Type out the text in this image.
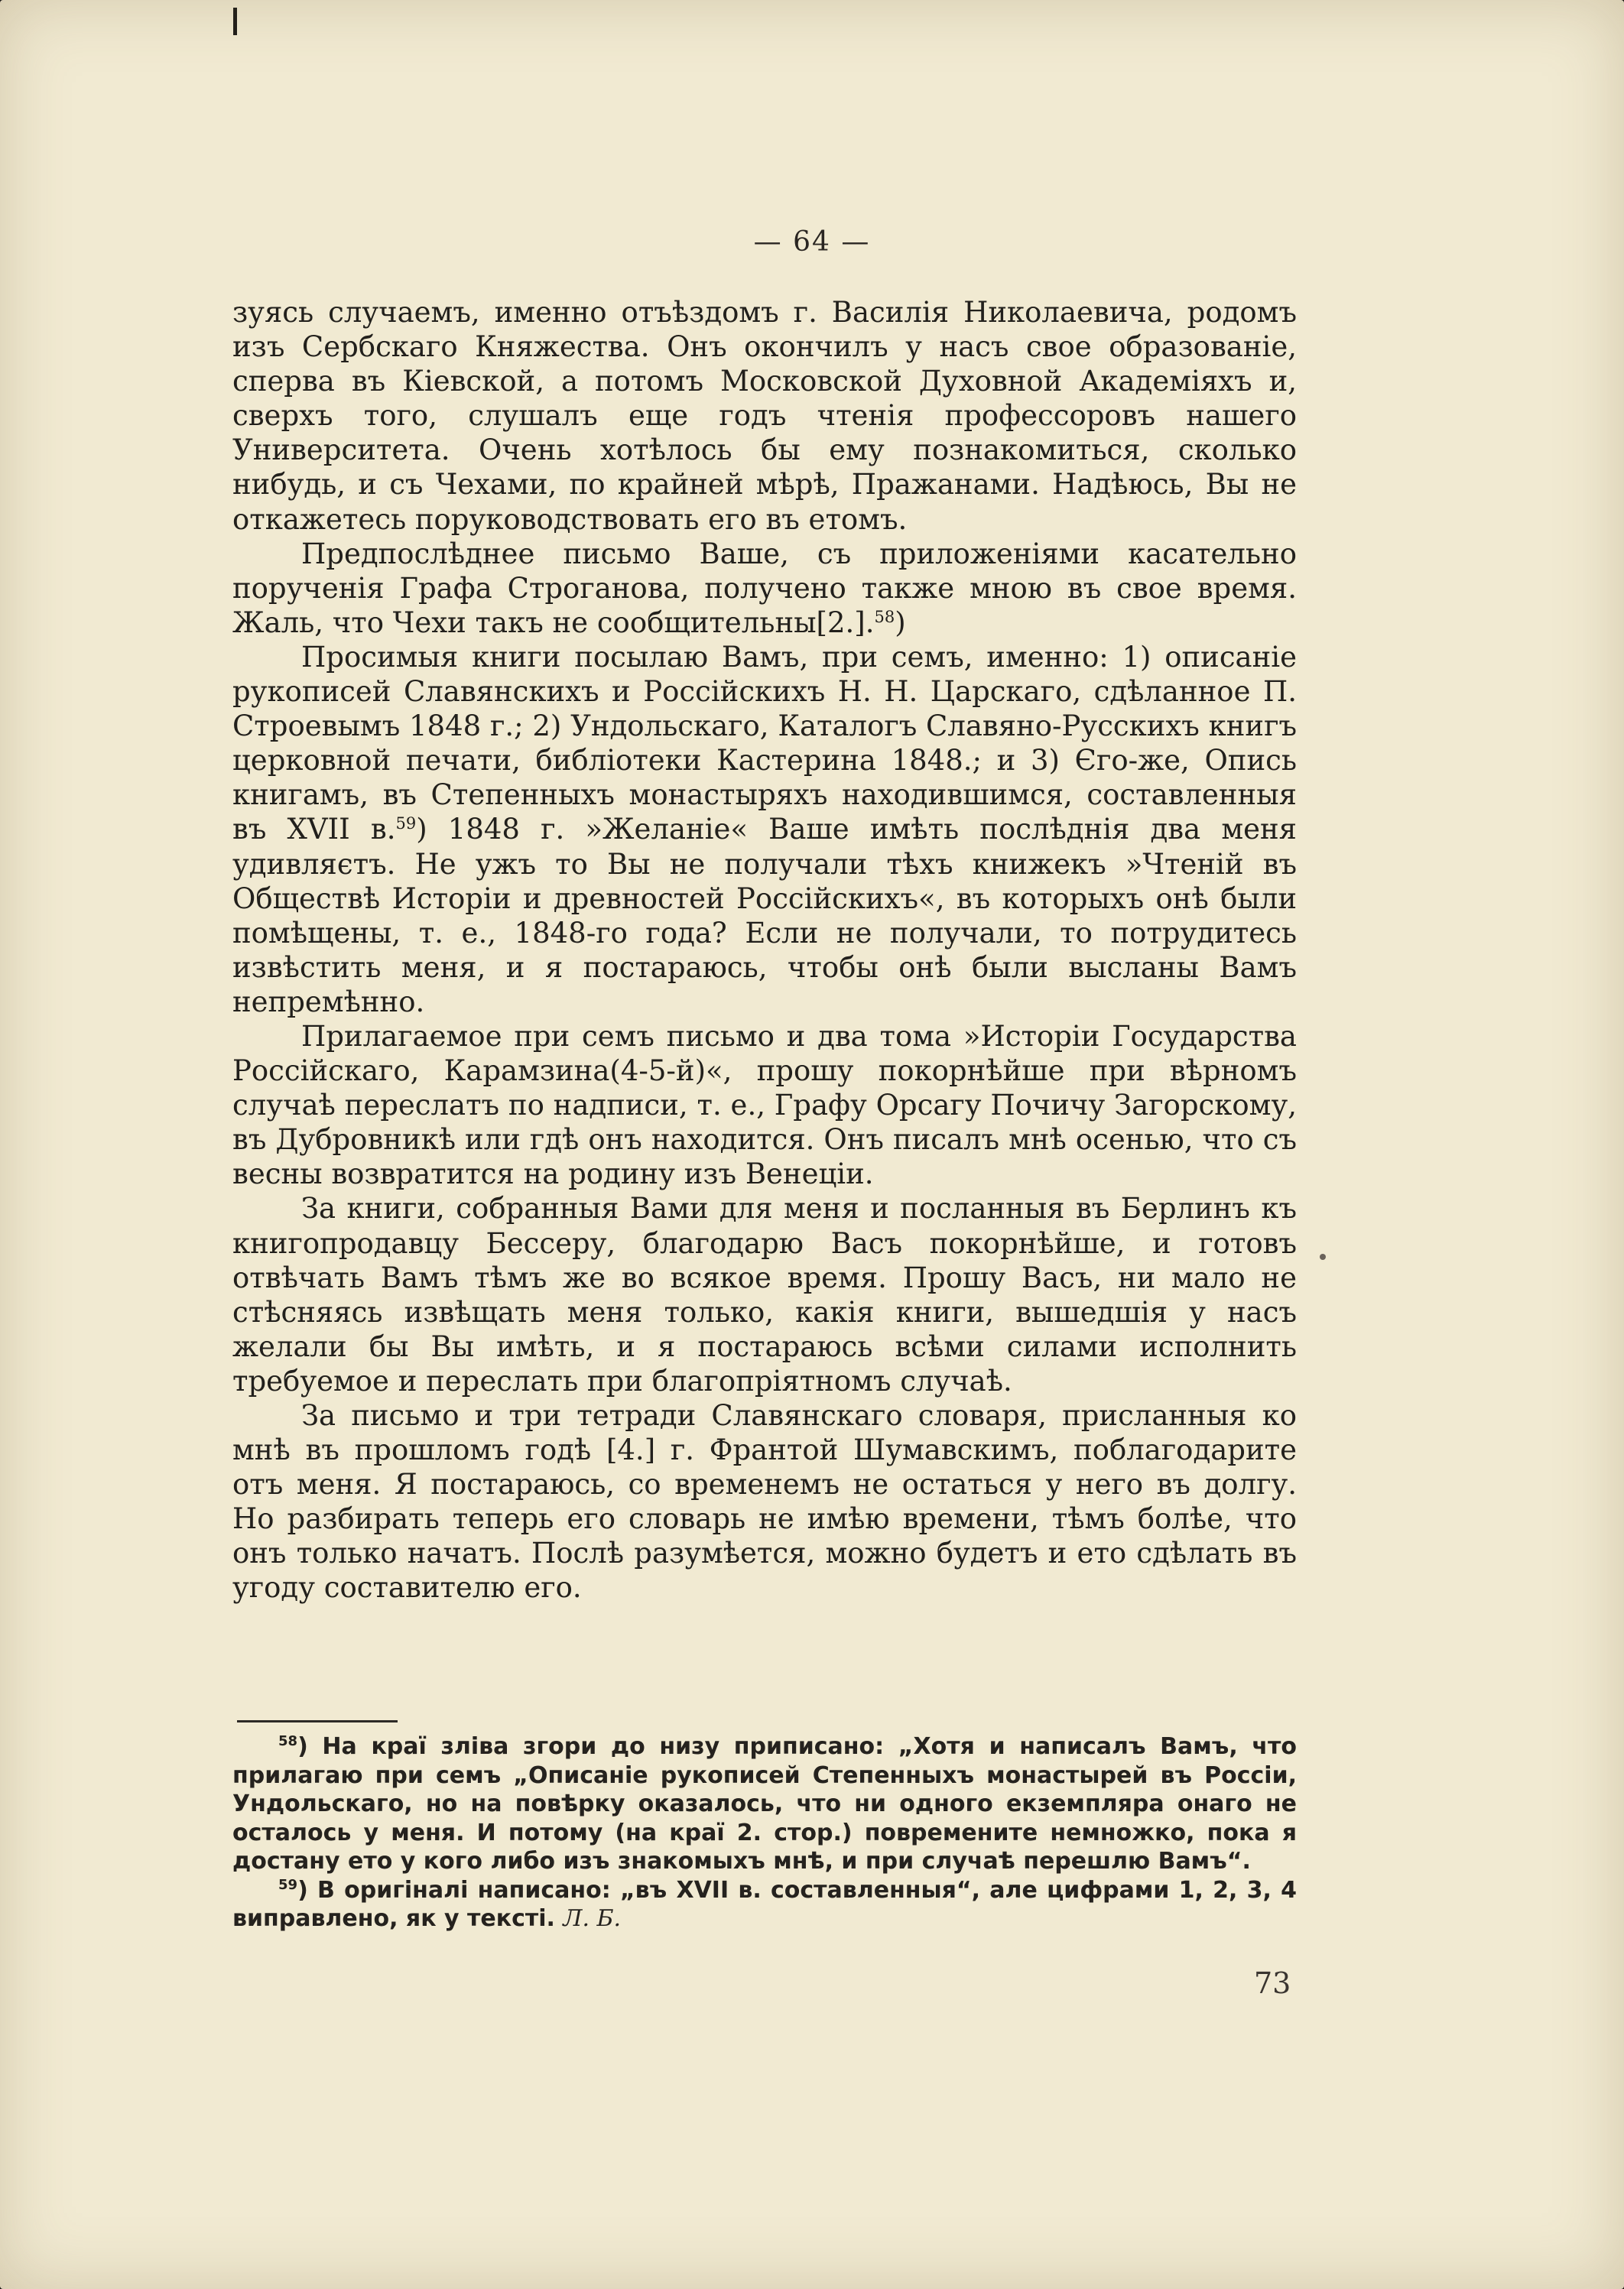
— 64 —

зуясь случаемъ, именно отъѣздомъ г. Василія Николаевича, родомъ изъ Сербскаго Княжества. Онъ окончилъ у насъ свое образованіе, сперва въ Кіевской, а потомъ Московской Духовной Академіяхъ и, сверхъ того, слушалъ еще годъ чтенія профессоровъ нашего Университета. Очень хотѣлось бы ему познакомиться, сколько нибудь, и съ Чехами, по крайней мѣрѣ, Пражанами. Надѣюсь, Вы не откажетесь поруководствовать его въ етомъ.

Предпослѣднее письмо Ваше, съ приложеніями касательно порученія Графа Строганова, получено также мною въ свое время. Жаль, что Чехи такъ не сообщительны[2.].$^{58}$)

Просимыя книги посылаю Вамъ, при семъ, именно: 1) описаніе рукописей Славянскихъ и Россійскихъ Н. Н. Царскаго, сдѣланное П. Строевымъ 1848 г.; 2) Ундольскаго, Каталогъ Славяно-Русскихъ книгъ церковной печати, библіотеки Кастерина 1848.; и 3) Єго-же, Опись книгамъ, въ Степенныхъ монастыряхъ находившимся, составленныя въ XVII в.$^{59}$) 1848 г. »Желаніе« Ваше имѣть послѣднія два меня удивляєтъ. Не ужъ то Вы не получали тѣхъ книжекъ »Чтеній въ Обществѣ Исторіи и древностей Россійскихъ«, въ которыхъ онѣ были помѣщены, т. е., 1848-го года? Если не получали, то потрудитесь извѣстить меня, и я постараюсь, чтобы онѣ были высланы Вамъ непремѣнно.

Прилагаемое при семъ письмо и два тома »Исторіи Государства Россійскаго, Карамзина(4-5-й)«, прошу покорнѣйше при вѣрномъ случаѣ переслатъ по надписи, т. е., Графу Орсагу Почичу Загорскому, въ Дубровникѣ или гдѣ онъ находится. Онъ писалъ мнѣ осенью, что съ весны возвратится на родину изъ Венеціи.

За книги, собранныя Вами для меня и посланныя въ Берлинъ къ книгопродавцу Бессеру, благодарю Васъ покорнѣйше, и готовъ отвѣчать Вамъ тѣмъ же во всякое время. Прошу Васъ, ни мало не стѣсняясь извѣщать меня только, какія книги, вышедшія у насъ желали бы Вы имѣть, и я постараюсь всѣми силами исполнить требуемое и переслать при благопріятномъ случаѣ.

За письмо и три тетради Славянскаго словаря, присланныя ко мнѣ въ прошломъ годѣ [4.] г. Франтой Шумавскимъ, поблагодарите отъ меня. Я постараюсь, со временемъ не остаться у него въ долгу. Но разбирать теперь его словарь не имѣю времени, тѣмъ болѣе, что онъ только начатъ. Послѣ разумѣется, можно будетъ и ето сдѣлать въ угоду составителю его.

$^{58}$) На краї зліва згори до низу приписано: „Хотя и написалъ Вамъ, что прилагаю при семъ „Описаніе рукописей Степенныхъ монастырей въ Россіи, Ундольскаго, но на повѣрку оказалось, что ни одного екземпляра онаго не осталось у меня. И потому (на краї 2. стор.) повремените немножко, пока я достану ето у кого либо изъ знакомыхъ мнѣ, и при случаѣ перешлю Вамъ“.

$^{59}$) В оригіналі написано: „въ XVII в. составленныя“, але цифрами 1, 2, 3, 4 виправлено, як у тексті. Л. Б.

73
